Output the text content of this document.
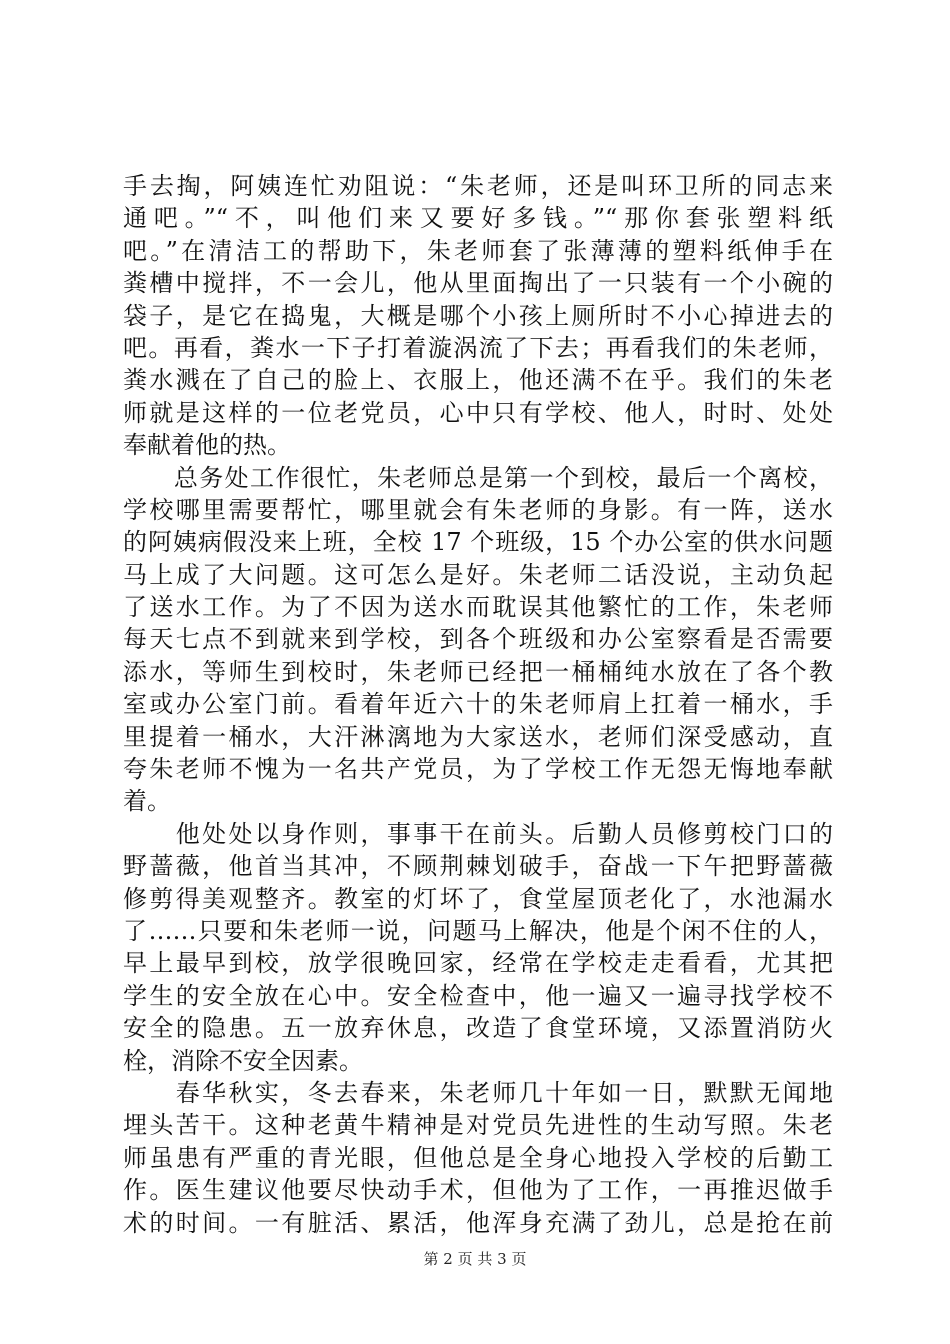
手去掏，阿姨连忙劝阻说：“朱老师，还是叫环卫所的同志来
通吧。”“不，叫他们来又要好多钱。”“那你套张塑料纸
吧。”在清洁工的帮助下，朱老师套了张薄薄的塑料纸伸手在
粪槽中搅拌，不一会儿，他从里面掏出了一只装有一个小碗的
袋子，是它在捣鬼，大概是哪个小孩上厕所时不小心掉进去的
吧。再看，粪水一下子打着漩涡流了下去；再看我们的朱老师，
粪水溅在了自己的脸上、衣服上，他还满不在乎。我们的朱老
师就是这样的一位老党员，心中只有学校、他人，时时、处处
奉献着他的热。
　　总务处工作很忙，朱老师总是第一个到校，最后一个离校，
学校哪里需要帮忙，哪里就会有朱老师的身影。有一阵，送水
的阿姨病假没来上班，全校 17 个班级，15 个办公室的供水问题
马上成了大问题。这可怎么是好。朱老师二话没说，主动负起
了送水工作。为了不因为送水而耽误其他繁忙的工作，朱老师
每天七点不到就来到学校，到各个班级和办公室察看是否需要
添水，等师生到校时，朱老师已经把一桶桶纯水放在了各个教
室或办公室门前。看着年近六十的朱老师肩上扛着一桶水，手
里提着一桶水，大汗淋漓地为大家送水，老师们深受感动，直
夸朱老师不愧为一名共产党员，为了学校工作无怨无悔地奉献
着。
　　他处处以身作则，事事干在前头。后勤人员修剪校门口的
野蔷薇，他首当其冲，不顾荆棘划破手，奋战一下午把野蔷薇
修剪得美观整齐。教室的灯坏了，食堂屋顶老化了，水池漏水
了……只要和朱老师一说，问题马上解决，他是个闲不住的人，
早上最早到校，放学很晚回家，经常在学校走走看看，尤其把
学生的安全放在心中。安全检查中，他一遍又一遍寻找学校不
安全的隐患。五一放弃休息，改造了食堂环境，又添置消防火
栓，消除不安全因素。
　　春华秋实，冬去春来，朱老师几十年如一日，默默无闻地
埋头苦干。这种老黄牛精神是对党员先进性的生动写照。朱老
师虽患有严重的青光眼，但他总是全身心地投入学校的后勤工
作。医生建议他要尽快动手术，但他为了工作，一再推迟做手
术的时间。一有脏活、累活，他浑身充满了劲儿，总是抢在前
第 2 页 共 3 页
